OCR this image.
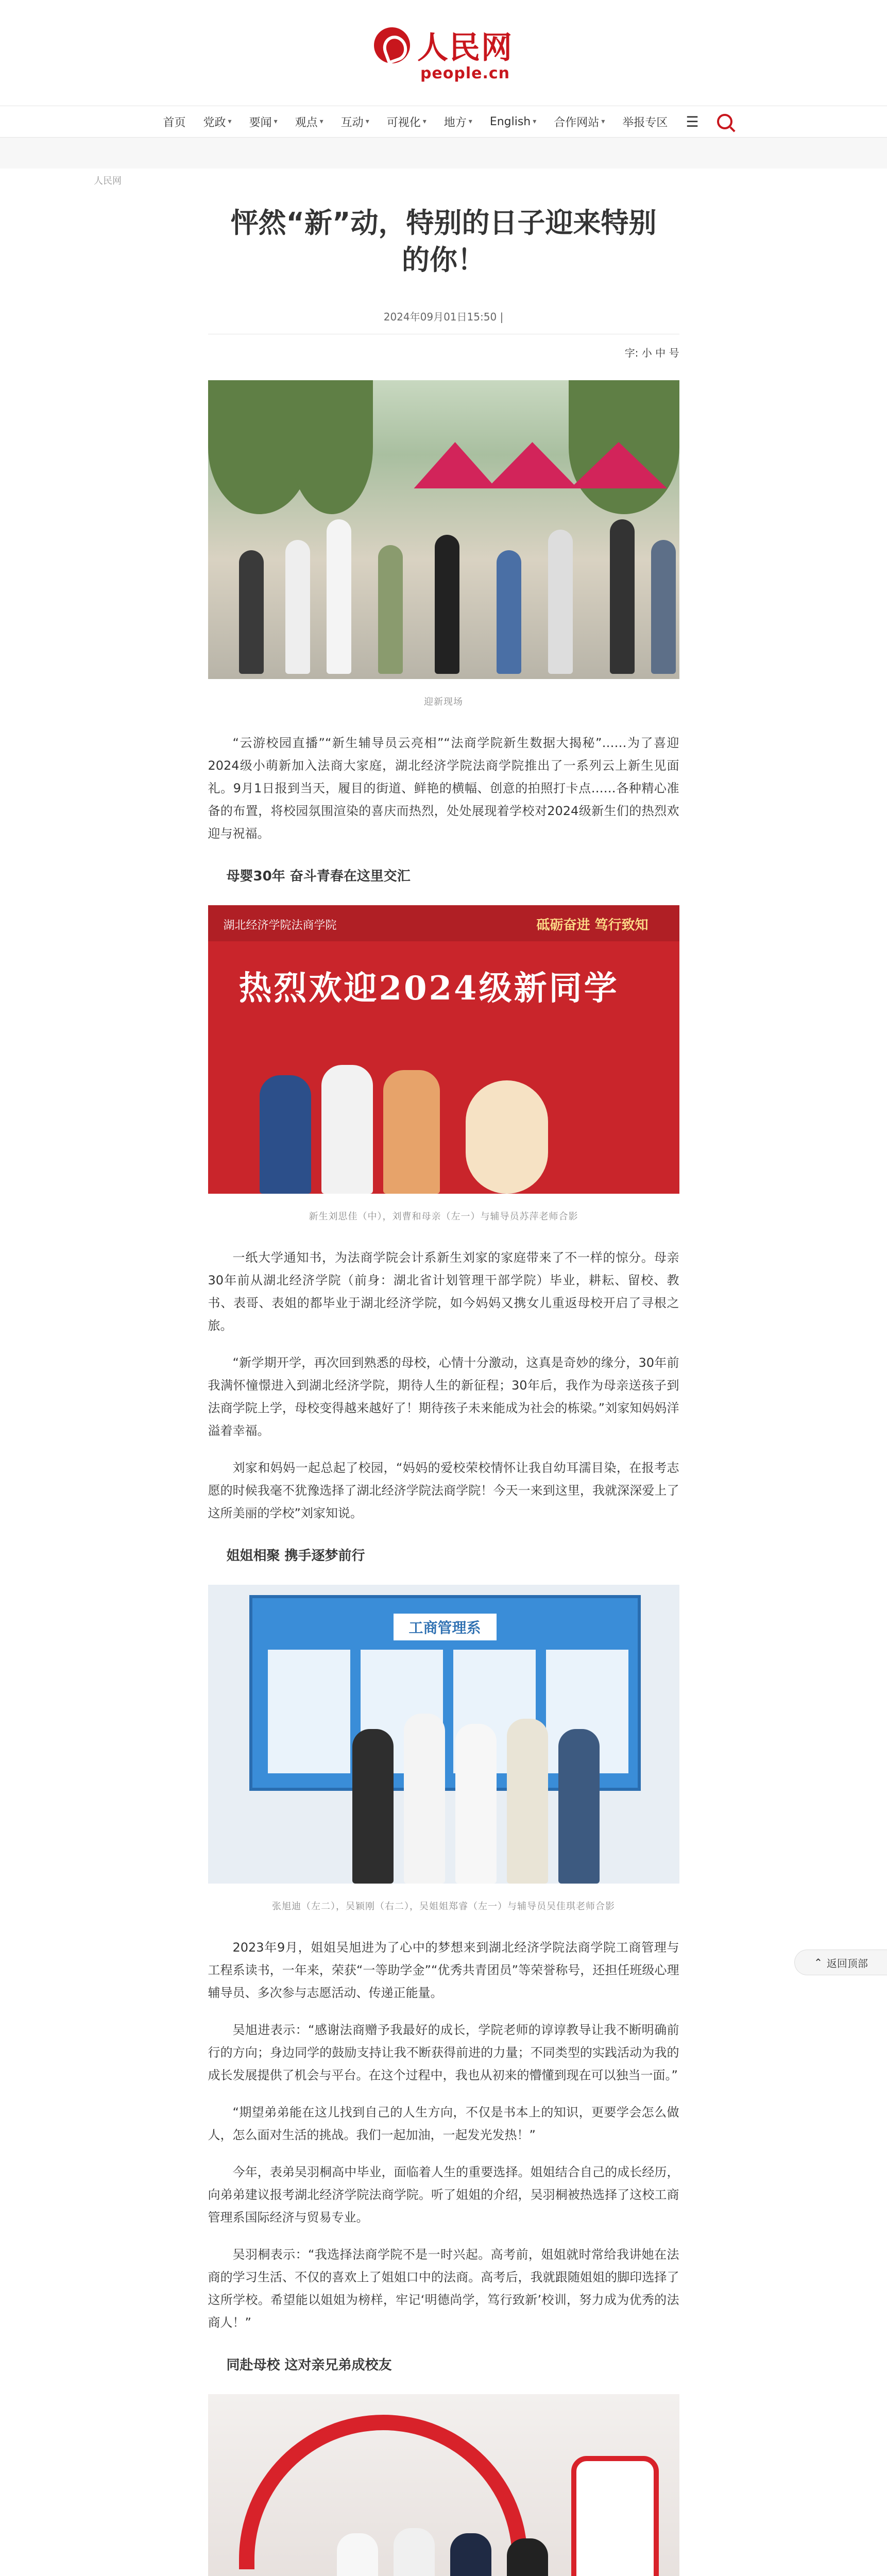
人民网
people.cn
首页 党政 ▾ 要闻 ▾ 观点 ▾ 互动 ▾ 可视化 ▾ 地方 ▾ English ▾ 合作网站 ▾ 举报专区 ☰
人民网
怦然“新”动，特别的日子迎来特别的你！
2024年09月01日15:50 |
字: 小 中 号
迎新现场

“云游校园直播”“新生辅导员云亮相”“法商学院新生数据大揭秘”……为了喜迎2024级小萌新加入法商大家庭，湖北经济学院法商学院推出了一系列云上新生见面礼。9月1日报到当天，履目的街道、鲜艳的横幅、创意的拍照打卡点……各种精心准备的布置，将校园氛围渲染的喜庆而热烈，处处展现着学校对2024级新生们的热烈欢迎与祝福。

母婴30年 奋斗青春在这里交汇
湖北经济学院法商学院	砥砺奋进 笃行致知
热烈欢迎2024级新同学
新生刘思佳（中），刘曹和母亲（左一）与辅导员苏萍老师合影

一纸大学通知书，为法商学院会计系新生刘家的家庭带来了不一样的惊分。母亲30年前从湖北经济学院（前身：湖北省计划管理干部学院）毕业，耕耘、留校、教书、表哥、表姐的都毕业于湖北经济学院，如今妈妈又携女儿重返母校开启了寻根之旅。

“新学期开学，再次回到熟悉的母校，心情十分激动，这真是奇妙的缘分，30年前我满怀憧憬进入到湖北经济学院，期待人生的新征程；30年后，我作为母亲送孩子到法商学院上学，母校变得越来越好了！期待孩子未来能成为社会的栋梁。”刘家知妈妈洋溢着幸福。

刘家和妈妈一起总起了校园，“妈妈的爱校荣校情怀让我自幼耳濡目染，在报考志愿的时候我毫不犹豫选择了湖北经济学院法商学院！今天一来到这里，我就深深爱上了这所美丽的学校”刘家知说。

姐姐相聚 携手逐梦前行
工商管理系
张旭迪（左二），吴颖刚（右二），吴姐姐郑睿（左一）与辅导员吴佳琪老师合影

2023年9月，姐姐吴旭进为了心中的梦想来到湖北经济学院法商学院工商管理与工程系读书，一年来，荣获“一等助学金”“优秀共青团员”等荣誉称号，还担任班级心理辅导员、多次参与志愿活动、传递正能量。

吴旭进表示：“感谢法商赠予我最好的成长，学院老师的谆谆教导让我不断明确前行的方向；身边同学的鼓励支持让我不断获得前进的力量；不同类型的实践活动为我的成长发展提供了机会与平台。在这个过程中，我也从初来的懵懂到现在可以独当一面。”

“期望弟弟能在这儿找到自己的人生方向，不仅是书本上的知识，更要学会怎么做人，怎么面对生活的挑战。我们一起加油，一起发光发热！”

今年，表弟吴羽桐高中毕业，面临着人生的重要选择。姐姐结合自己的成长经历，向弟弟建议报考湖北经济学院法商学院。听了姐姐的介绍，吴羽桐被热选择了这校工商管理系国际经济与贸易专业。

吴羽桐表示：“我选择法商学院不是一时兴起。高考前，姐姐就时常给我讲她在法商的学习生活、不仅的喜欢上了姐姐口中的法商。高考后，我就跟随姐姐的脚印选择了这所学校。希望能以姐姐为榜样，牢记‘明德尚学，笃行致新’校训，努力成为优秀的法商人！”

同赴母校 这对亲兄弟成校友

⌃ 返回顶部
